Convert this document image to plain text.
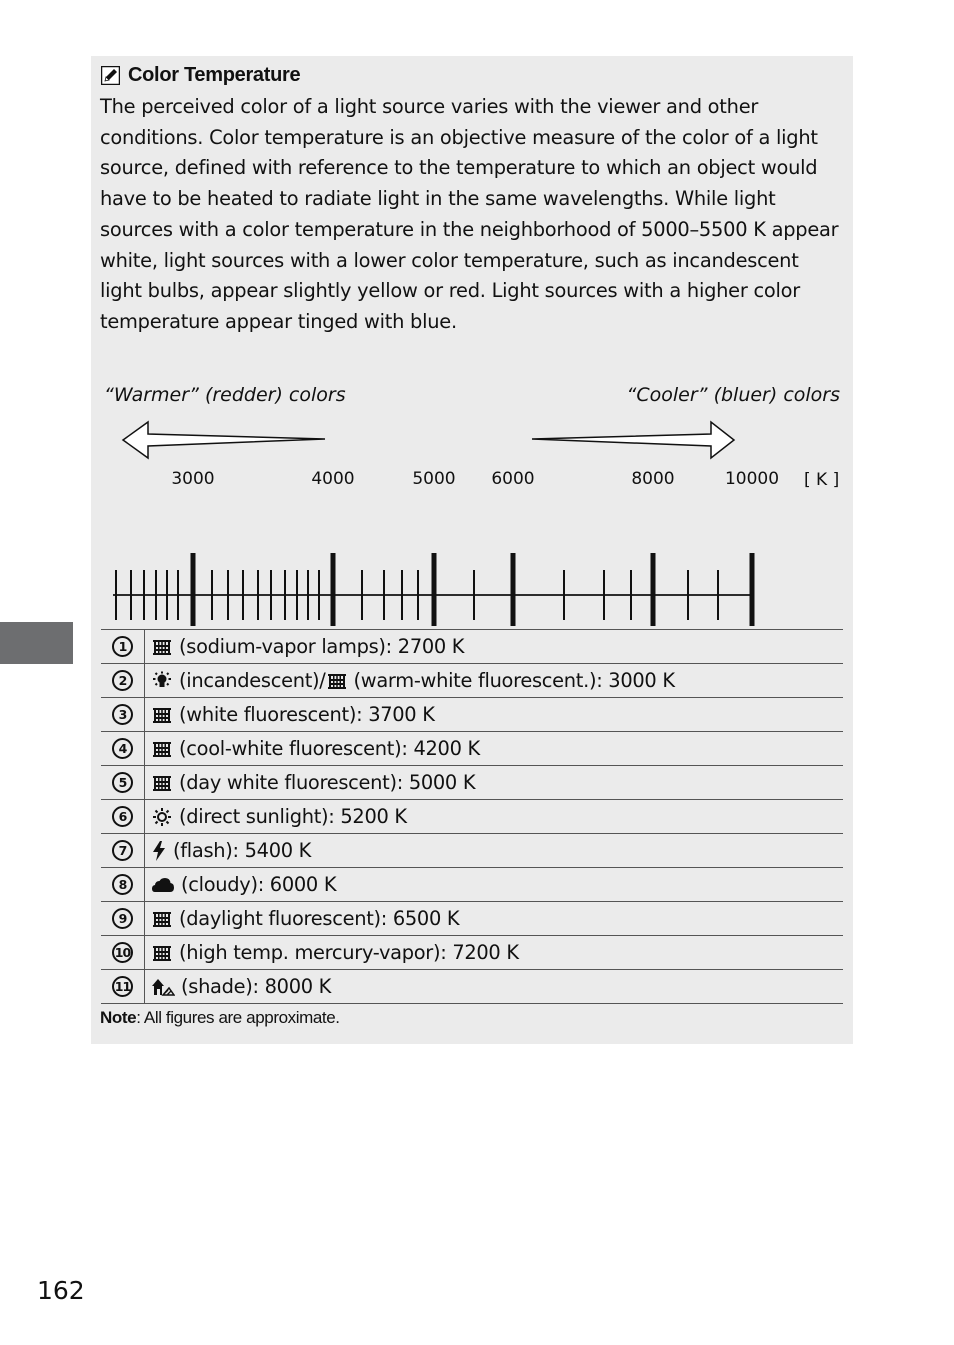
Color Temperature
The perceived color of a light source varies with the viewer and other conditions. Color temperature is an objective measure of the color of a light source, defined with reference to the temperature to which an object would have to be heated to radiate light in the same wavelengths. While light sources with a color temperature in the neighborhood of 5000–5500 K appear white, light sources with a lower color temperature, such as incandescent light bulbs, appear slightly yellow or red. Light sources with a higher color temperature appear tinged with blue.
“Warmer” (redder) colors	“Cooler” (bluer) colors
3000	4000	5000 6000	8000	10000 [ K ]
1	(sodium-vapor lamps): 2700 K
2	(incandescent)/ (warm-white fluorescent.): 3000 K
3	(white fluorescent): 3700 K
4	(cool-white fluorescent): 4200 K
5	(day white fluorescent): 5000 K
6	(direct sunlight): 5200 K
7	(flash): 5400 K
8	(cloudy): 6000 K
9	(daylight fluorescent): 6500 K
10	(high temp. mercury-vapor): 7200 K
11	(shade): 8000 K
Note: All figures are approximate.
162
